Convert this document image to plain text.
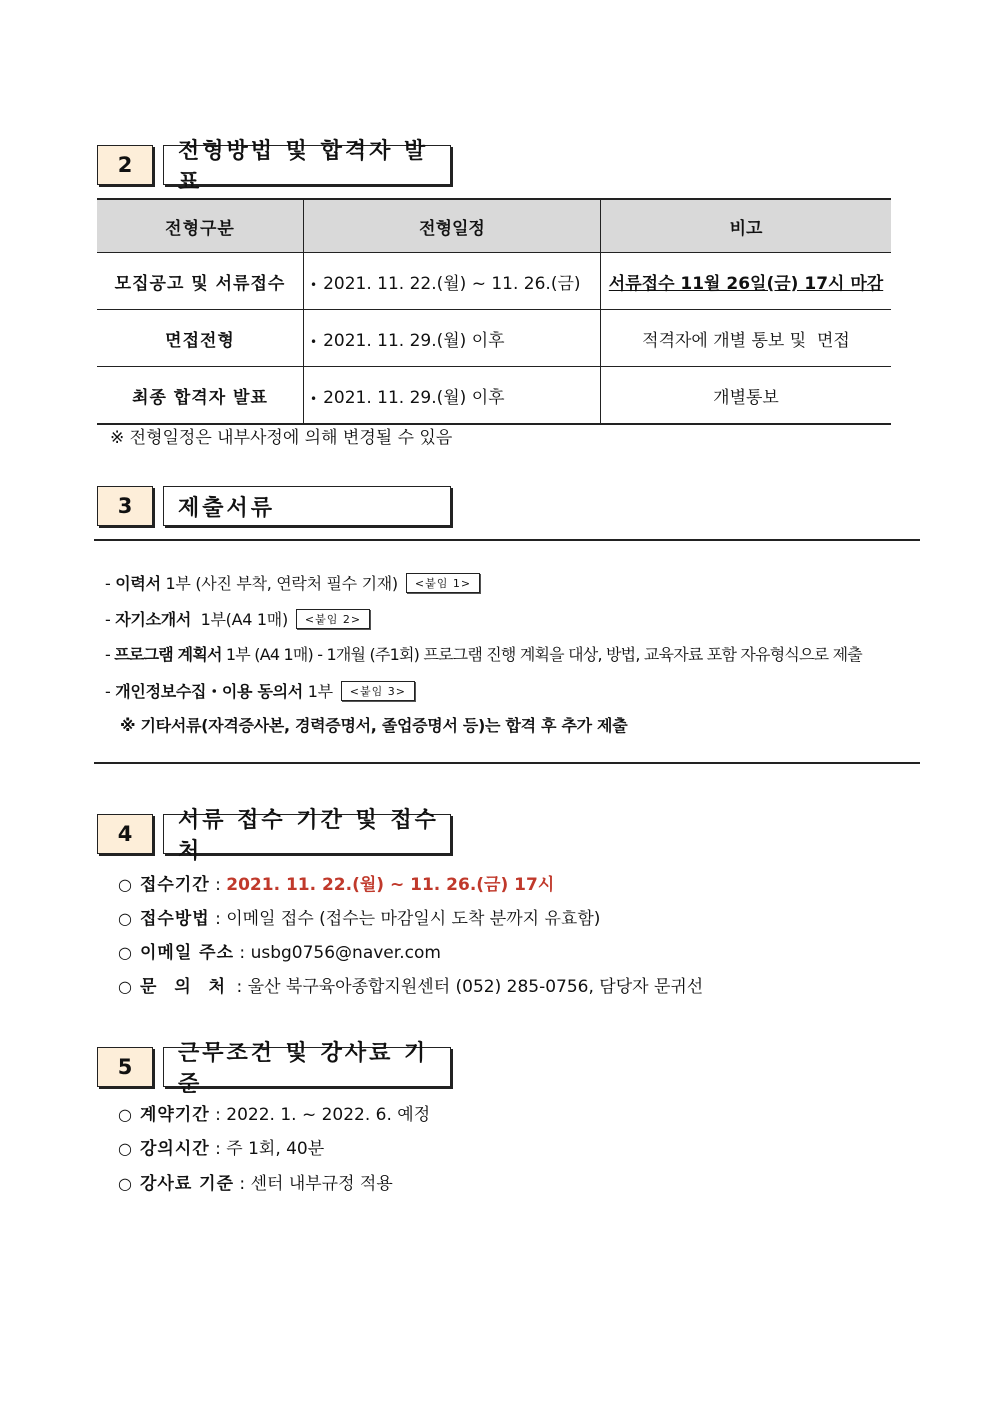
2
전형방법 및 합격자 발표
전형구분	전형일정	비고
모집공고 및 서류접수	• 2021. 11. 22.(월) ~ 11. 26.(금)	서류접수 11월 26일(금) 17시 마감
면접전형	• 2021. 11. 29.(월) 이후	적격자에 개별 통보 및  면접
최종 합격자 발표	• 2021. 11. 29.(월) 이후	개별통보
※ 전형일정은 내부사정에 의해 변경될 수 있음
3	제출서류
- 이력서 1부 (사진 부착, 연락처 필수 기재) <붙임 1>
- 자기소개서  1부(A4 1매) <붙임 2>
- 프로그램 계획서 1부 (A4 1매) - 1개월 (주1회) 프로그램 진행 계획을 대상, 방법, 교육자료 포함 자유형식으로 제출
- 개인정보수집・이용 동의서 1부 <붙임 3>
※ 기타서류(자격증사본, 경력증명서, 졸업증명서 등)는 합격 후 추가 제출
4
서류 접수 기간 및 접수처
○ 접수기간 : 2021. 11. 22.(월) ~ 11. 26.(금) 17시
○ 접수방법 : 이메일 접수 (접수는 마감일시 도착 분까지 유효함)
○ 이메일 주소 : usbg0756@naver.com
○ 문 의 처 : 울산 북구육아종합지원센터 (052) 285-0756, 담당자 문귀선
5
근무조건 및 강사료 기준
○ 계약기간 : 2022. 1. ~ 2022. 6. 예정
○ 강의시간 : 주 1회, 40분
○ 강사료 기준 : 센터 내부규정 적용
